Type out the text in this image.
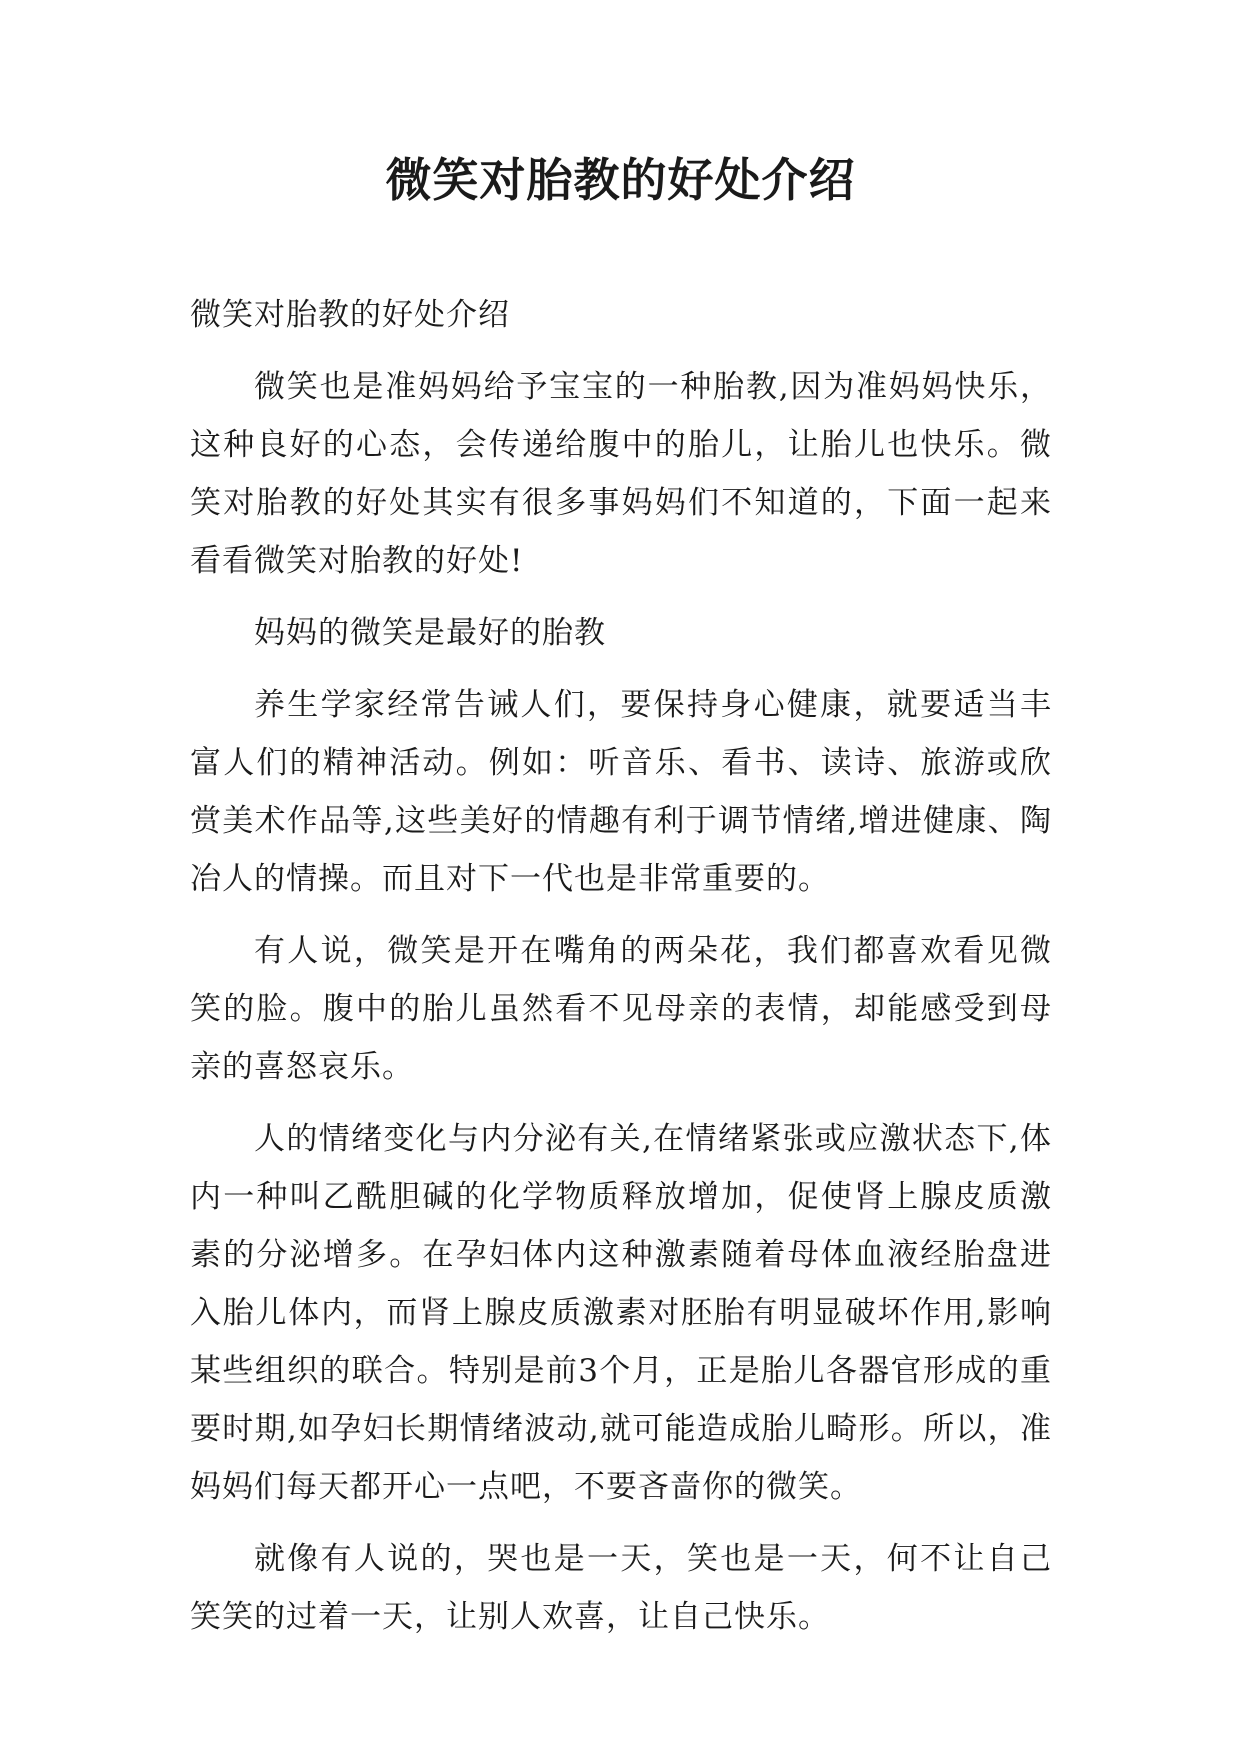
微笑对胎教的好处介绍

微笑对胎教的好处介绍

微笑也是准妈妈给予宝宝的一种胎教,因为准妈妈快乐，这种良好的心态，会传递给腹中的胎儿，让胎儿也快乐。微笑对胎教的好处其实有很多事妈妈们不知道的，下面一起来看看微笑对胎教的好处!

妈妈的微笑是最好的胎教

养生学家经常告诫人们，要保持身心健康，就要适当丰富人们的精神活动。例如：听音乐、看书、读诗、旅游或欣赏美术作品等,这些美好的情趣有利于调节情绪,增进健康、陶冶人的情操。而且对下一代也是非常重要的。

有人说，微笑是开在嘴角的两朵花，我们都喜欢看见微笑的脸。腹中的胎儿虽然看不见母亲的表情，却能感受到母亲的喜怒哀乐。

人的情绪变化与内分泌有关,在情绪紧张或应激状态下,体内一种叫乙酰胆碱的化学物质释放增加，促使肾上腺皮质激素的分泌增多。在孕妇体内这种激素随着母体血液经胎盘进入胎儿体内，而肾上腺皮质激素对胚胎有明显破坏作用,影响某些组织的联合。特别是前3个月，正是胎儿各器官形成的重要时期,如孕妇长期情绪波动,就可能造成胎儿畸形。所以，准妈妈们每天都开心一点吧，不要吝啬你的微笑。

就像有人说的，哭也是一天，笑也是一天，何不让自己笑笑的过着一天，让别人欢喜，让自己快乐。
